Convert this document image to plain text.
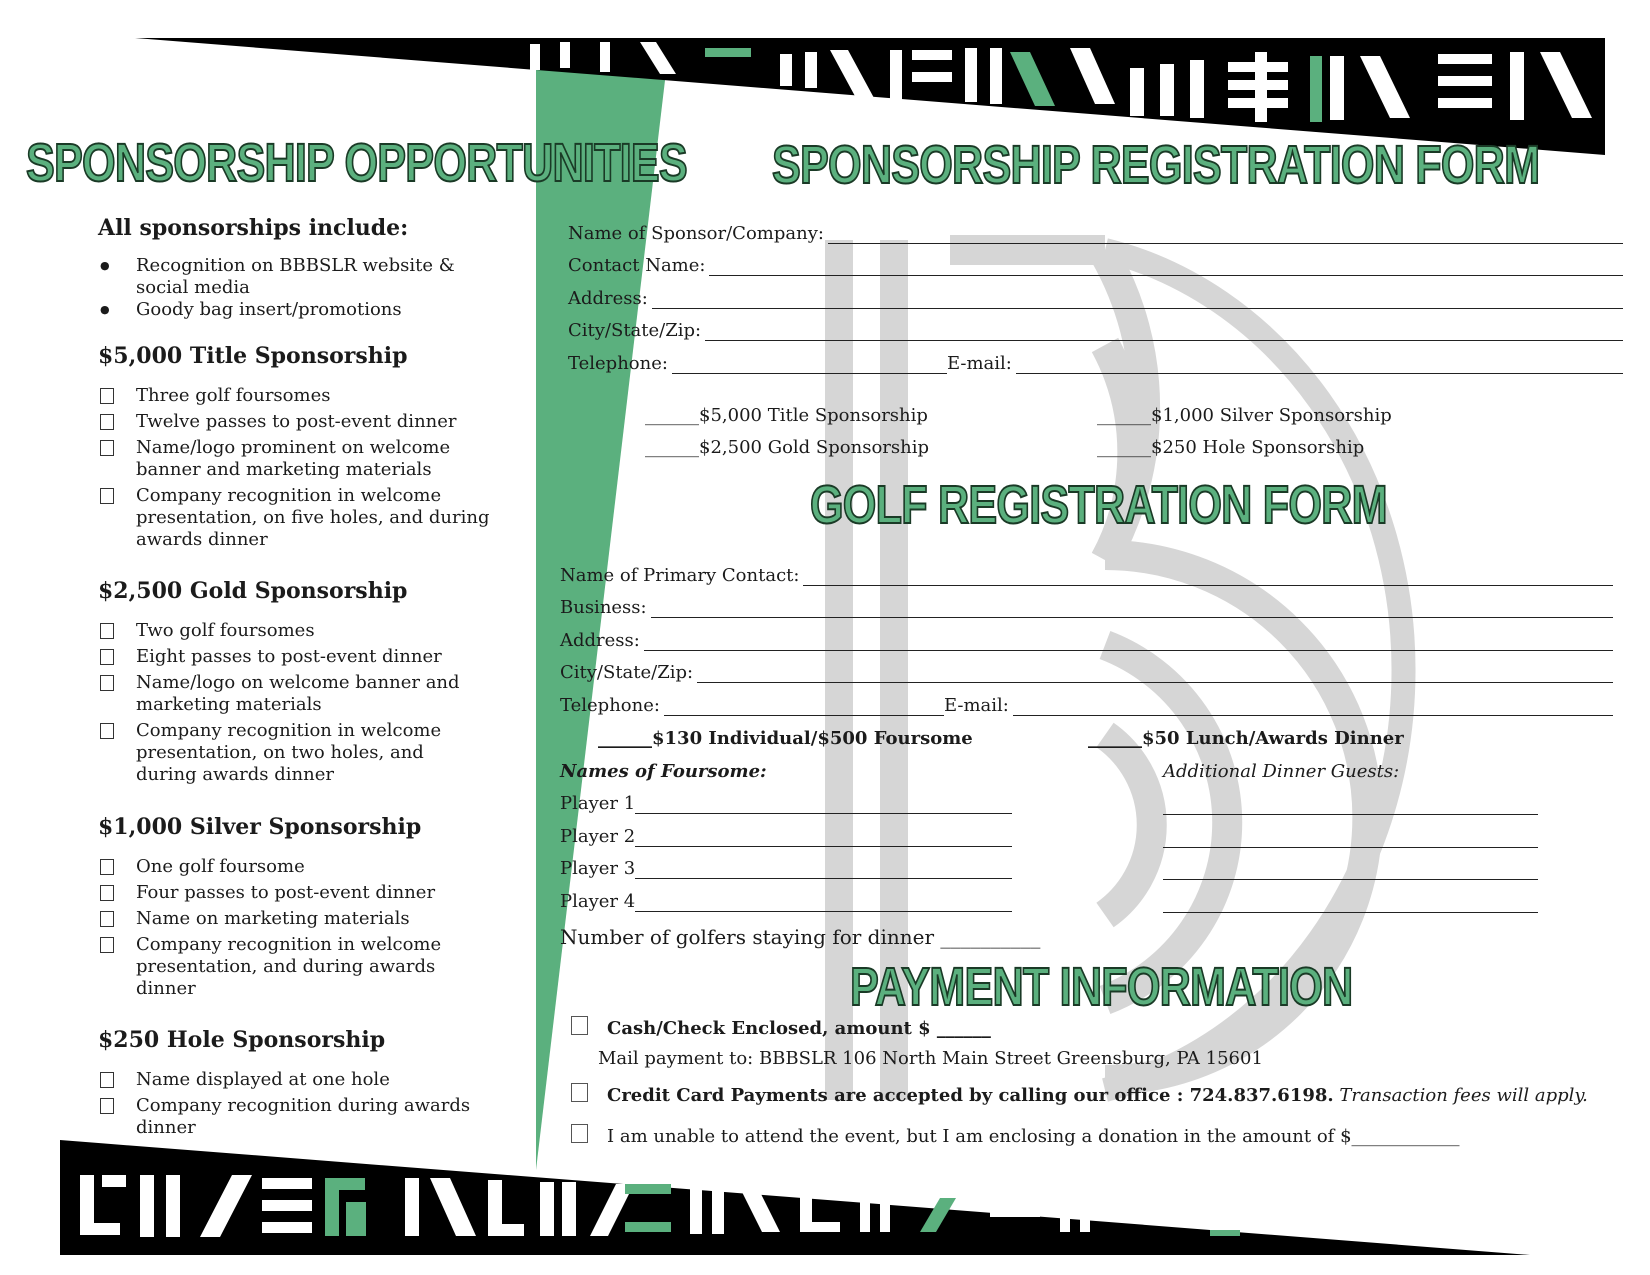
SPONSORSHIP OPPORTUNITIES
All sponsorships include:
● Recognition on BBBSLR website & social media
● Goody bag insert/promotions
$5,000 Title Sponsorship
Three golf foursomes
Twelve passes to post-event dinner
Name/logo prominent on welcome banner and marketing materials
Company recognition in welcome presentation, on five holes, and during awards dinner
$2,500 Gold Sponsorship
Two golf foursomes
Eight passes to post-event dinner
Name/logo on welcome banner and marketing materials
Company recognition in welcome presentation, on two holes, and during awards dinner
$1,000 Silver Sponsorship
One golf foursome
Four passes to post-event dinner
Name on marketing materials
Company recognition in welcome presentation, and during awards dinner
$250 Hole Sponsorship
Name displayed at one hole
Company recognition during awards dinner
SPONSORSHIP REGISTRATION FORM
Name of Sponsor/Company:
Contact Name:
Address:
City/State/Zip:
Telephone:	E-mail:
______$5,000 Title Sponsorship
______$2,500 Gold Sponsorship
______$1,000 Silver Sponsorship
______$250 Hole Sponsorship
GOLF REGISTRATION FORM
Name of Primary Contact:
Business:
Address:
City/State/Zip:
Telephone:	E-mail:
______$130 Individual/$500 Foursome	______$50 Lunch/Awards Dinner
Names of Foursome:	Additional Dinner Guests:
Player 1
Player 2
Player 3
Player 4
Number of golfers staying for dinner __________
PAYMENT INFORMATION
Cash/Check Enclosed, amount $ ______
Mail payment to: BBBSLR 106 North Main Street Greensburg, PA 15601
Credit Card Payments are accepted by calling our office : 724.837.6198. Transaction fees will apply.
I am unable to attend the event, but I am enclosing a donation in the amount of $____________
